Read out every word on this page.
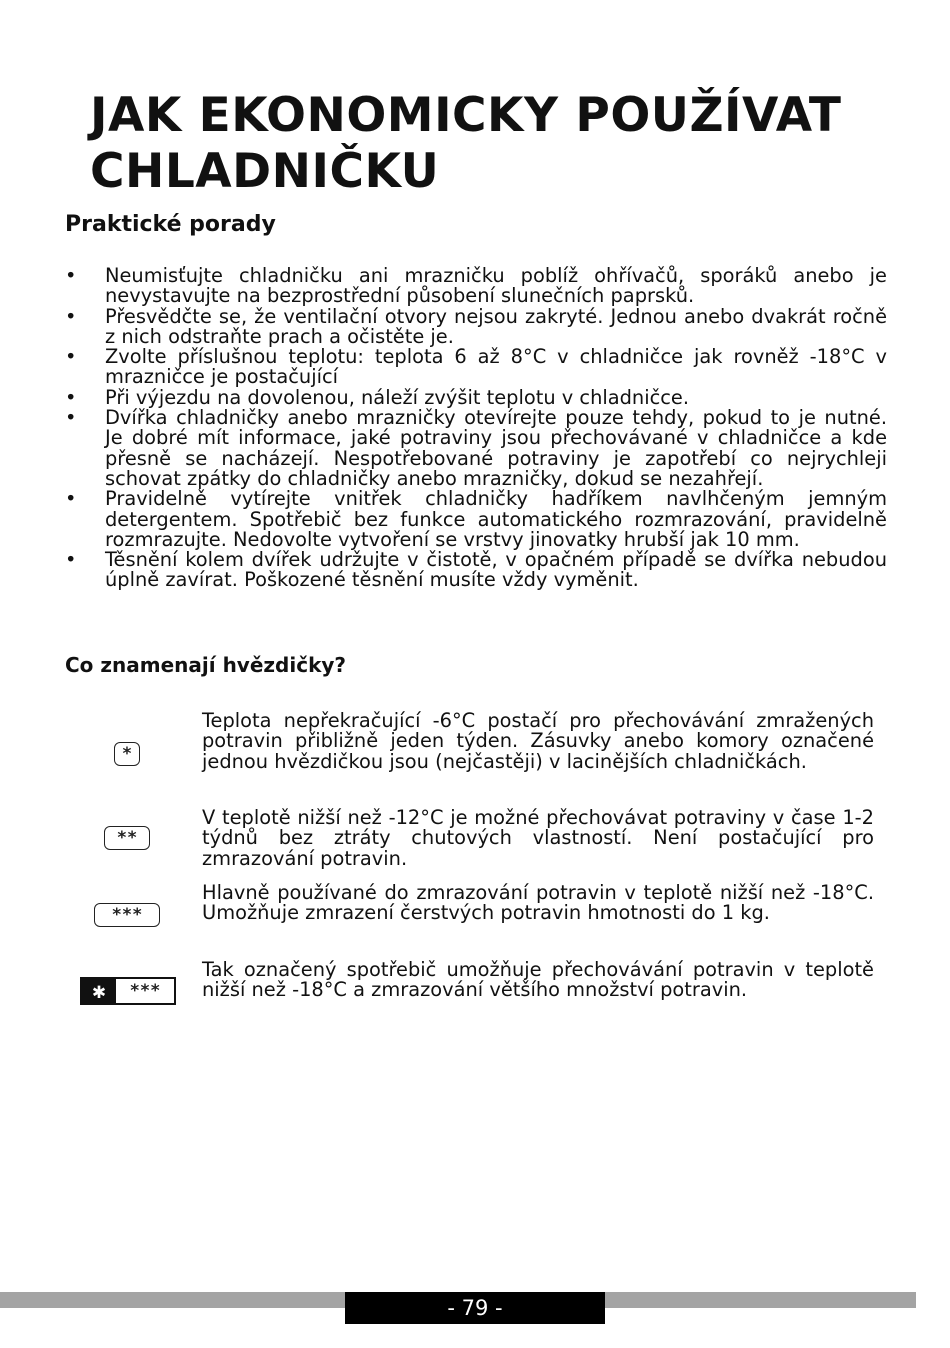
JAK EKONOMICKY POUŽÍVAT CHLADNIČKU
Praktické porady
• Neumisťujte chladničku ani mrazničku poblíž ohřívačů, sporáků anebo je nevystavujte na bezprostřední působení slunečních paprsků.
• Přesvědčte se, že ventilační otvory nejsou zakryté. Jednou anebo dvakrát ročně z nich odstraňte prach a očistěte je.
• Zvolte příslušnou teplotu: teplota 6 až 8°C v chladničce jak rovněž -18°C v mrazničce je postačující
• Při výjezdu na dovolenou, náleží zvýšit teplotu v chladničce.
• Dvířka chladničky anebo mrazničky otevírejte pouze tehdy, pokud to je nutné. Je dobré mít informace, jaké potraviny jsou přechovávané v chladničce a kde přesně se nacházejí. Nespotřebované potraviny je zapotřebí co nejrychleji schovat zpátky do chladničky anebo mrazničky, dokud se nezahřejí.
• Pravidelně vytírejte vnitřek chladničky hadříkem navlhčeným jemným detergentem. Spotřebič bez funkce automatického rozmrazování, pravidelně rozmrazujte. Nedovolte vytvoření se vrstvy jinovatky hrubší jak 10 mm.
• Těsnění kolem dvířek udržujte v čistotě, v opačném případě se dvířka nebudou úplně zavírat. Poškozené těsnění musíte vždy vyměnit.
Co znamenají hvězdičky?
*

Teplota nepřekračující -6°C postačí pro přechovávání zmražených potravin přibližně jeden týden. Zásuvky anebo komory označené jednou hvězdičkou jsou (nejčastěji) v lacinějších chladničkách.

**

V teplotě nižší než -12°C je možné přechovávat potraviny v čase 1-2 týdnů bez ztráty chutových vlastností. Není postačující pro zmrazování potravin.

***

Hlavně používané do zmrazování potravin v teplotě nižší než -18°C. Umožňuje zmrazení čerstvých potravin hmotnosti do 1 kg.

✱	***

Tak označený spotřebič umožňuje přechovávání potravin v teplotě nižší než -18°C a zmrazování většího množství potravin.

- 79 -
